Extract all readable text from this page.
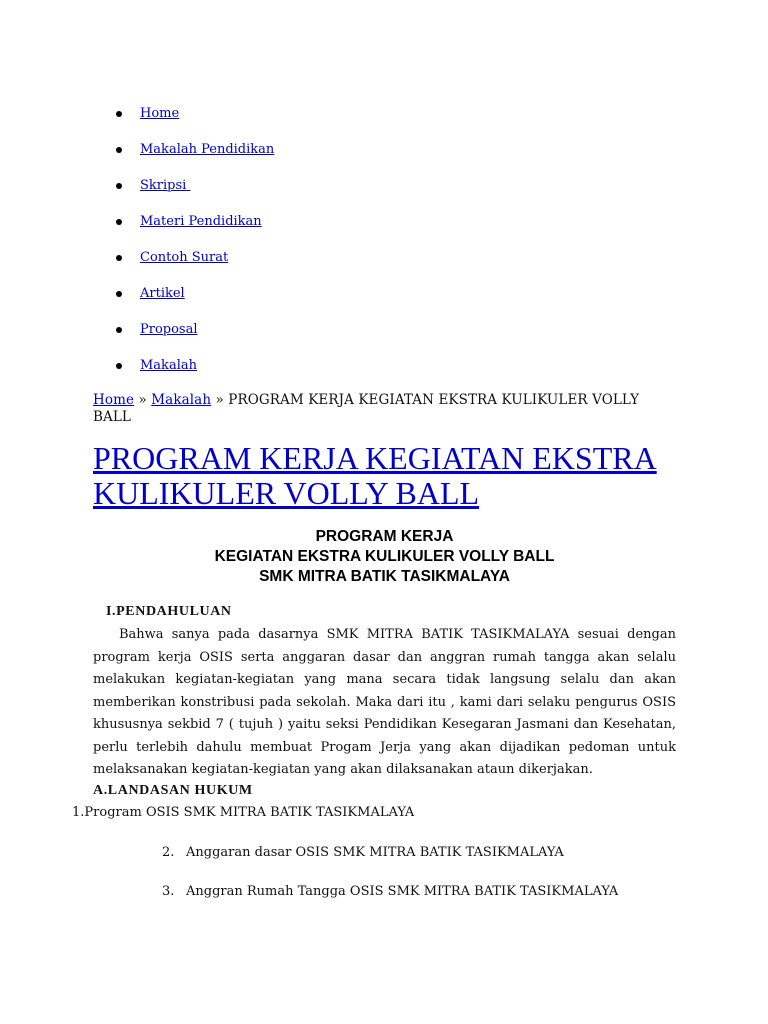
Home
Makalah Pendidikan
Skripsi
Materi Pendidikan
Contoh Surat
Artikel
Proposal
Makalah
Home » Makalah » PROGRAM KERJA KEGIATAN EKSTRA KULIKULER VOLLY BALL
PROGRAM KERJA KEGIATAN EKSTRA KULIKULER VOLLY BALL
PROGRAM KERJA
KEGIATAN EKSTRA KULIKULER VOLLY BALL
SMK MITRA BATIK TASIKMALAYA
I.PENDAHULUAN

Bahwa sanya pada dasarnya SMK MITRA BATIK TASIKMALAYA sesuai dengan program kerja OSIS serta anggaran dasar dan anggran rumah tangga akan selalu melakukan kegiatan-kegiatan yang mana secara tidak langsung selalu dan akan memberikan konstribusi pada sekolah. Maka dari itu , kami dari selaku pengurus OSIS khususnya sekbid 7 ( tujuh ) yaitu seksi Pendidikan Kesegaran Jasmani dan Kesehatan, perlu terlebih dahulu membuat Progam Jerja yang akan dijadikan pedoman untuk melaksanakan kegiatan-kegiatan yang akan dilaksanakan ataun dikerjakan.

A.LANDASAN HUKUM
1.Program OSIS SMK MITRA BATIK TASIKMALAYA
2. Anggaran dasar OSIS SMK MITRA BATIK TASIKMALAYA
3. Anggran Rumah Tangga OSIS SMK MITRA BATIK TASIKMALAYA
